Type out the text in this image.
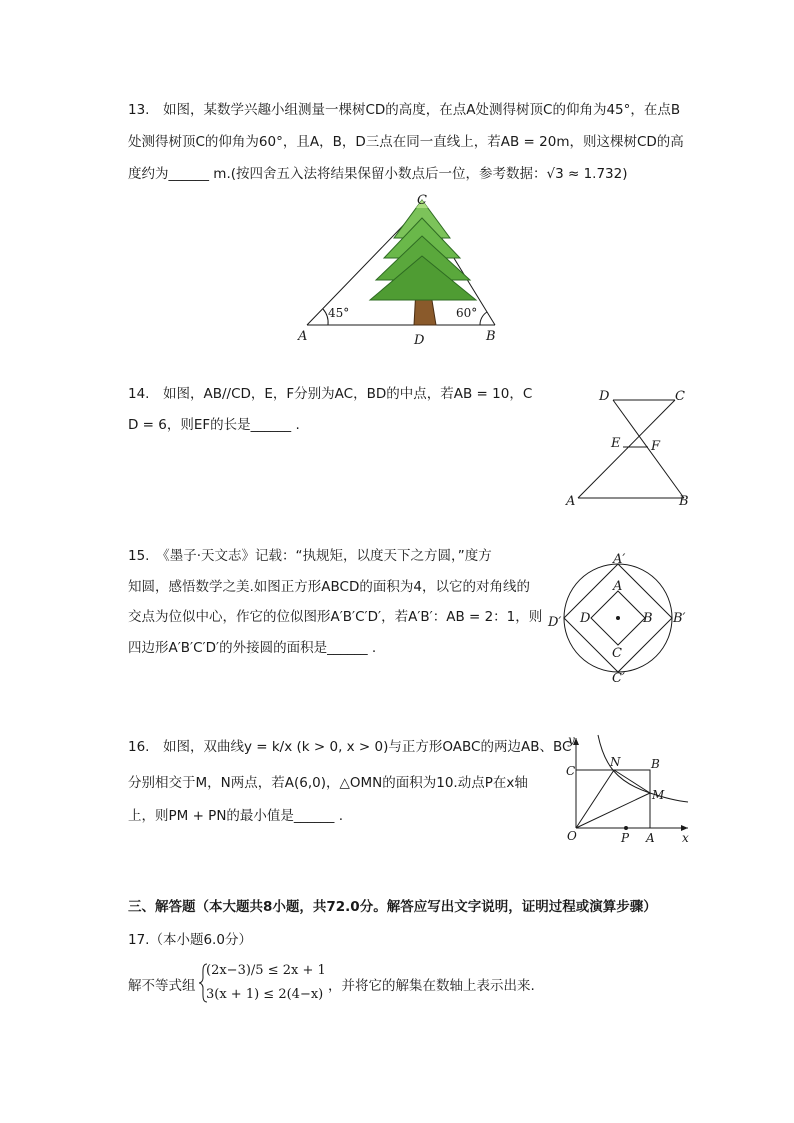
13.　如图，某数学兴趣小组测量一棵树CD的高度，在点A处测得树顶C的仰角为45°，在点B
处测得树顶C的仰角为60°，且A，B，D三点在同一直线上，若AB = 20m，则这棵树CD的高
度约为______ m.(按四舍五入法将结果保留小数点后一位，参考数据：√3 ≈ 1.732)
C
A	D	B
45°	60°
14.　如图，AB//CD，E，F分别为AC，BD的中点，若AB = 10，C
D = 6，则EF的长是______ .
D	C
E F
A	B
15.　《墨子·天文志》记载：“执规矩，以度天下之方圆，”度方
知圆，感悟数学之美.如图正方形ABCD的面积为4，以它的对角线的
交点为位似中心，作它的位似图形A′B′C′D′，若A′B′：AB = 2：1，则
四边形A′B′C′D′的外接圆的面积是______ .
A′
B′
C′
D′
A
B
C
D
16.　如图，双曲线y = k/x (k > 0, x > 0)与正方形OABC的两边AB、BC
分别相交于M，N两点，若A(6,0)，△OMN的面积为10.动点P在x轴
上，则PM + PN的最小值是______ .
y
x
C
N	B
M
O	P A
三、解答题（本大题共8小题，共72.0分。解答应写出文字说明，证明过程或演算步骤）
17.（本小题6.0分）
解不等式组
(2x−3)/5 ≤ 2x + 1
3(x + 1) ≤ 2(4−x)
，并将它的解集在数轴上表示出来.
